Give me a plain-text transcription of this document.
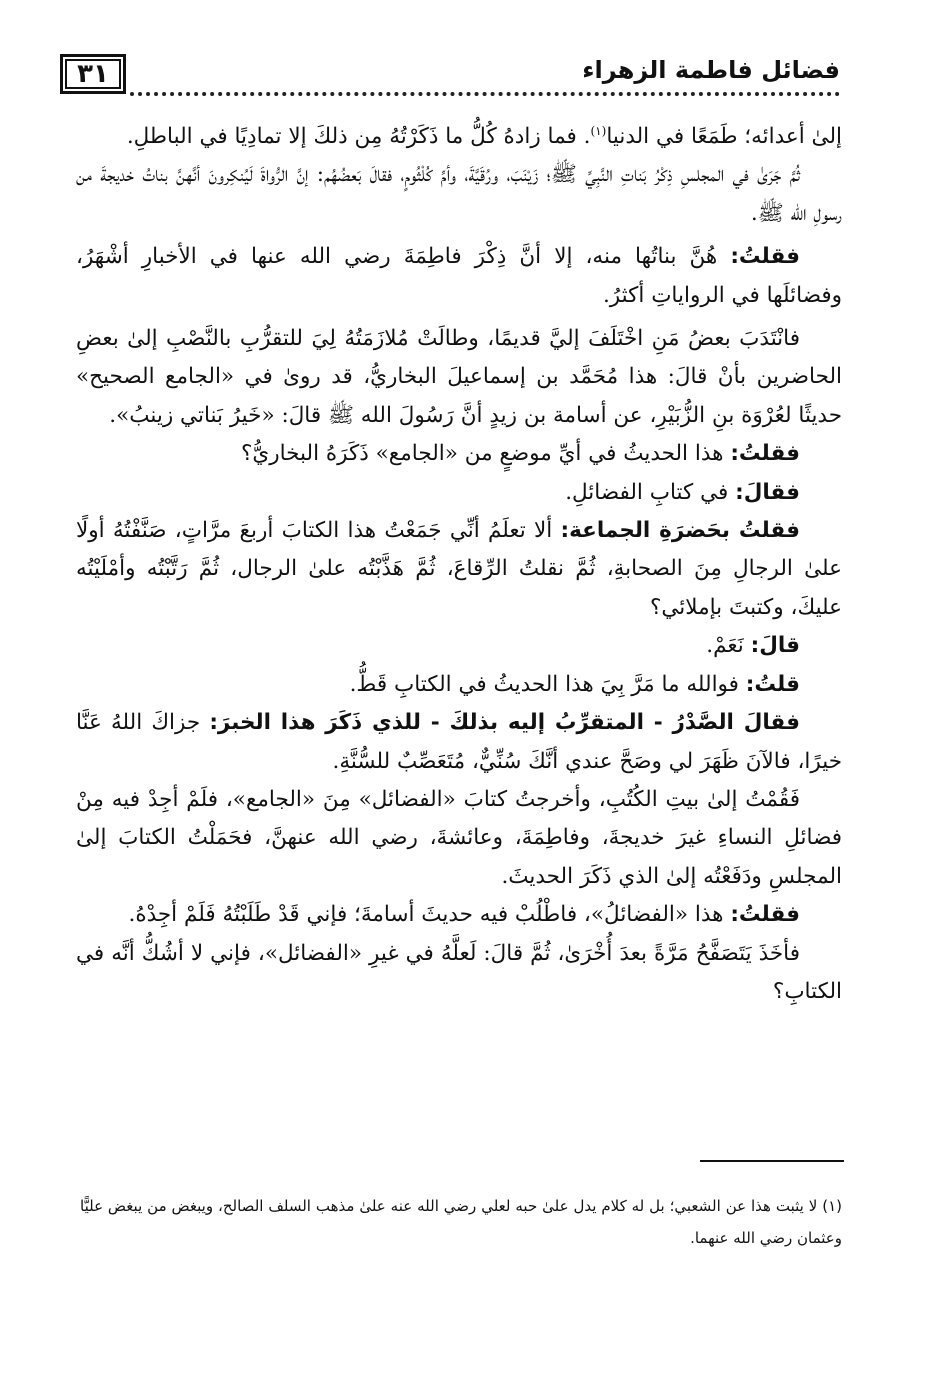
٣١	فضائل فاطمة الزهراء

إلىٰ أعدائه؛ طَمَعًا في الدنيا$^{(١)}$. فما زادهُ كُلُّ ما ذَكَرْتُهُ مِن ذلكَ إلا تمادِيًا في الباطلِ.

ثُمَّ جَرَىٰ في المجلسِ ذِكْرُ بَناتِ النَّبِيِّ ﷺ؛ زَيْنَبَ، ورُقَيَّةَ، وأمِّ كُلْثُومٍ، فقالَ بَعضُهُم: إنَّ الرُّواةَ لَيُنكِرونَ أنَّهنَّ بناتُ خديجةَ من رسولِ الله ﷺ.

فقلتُ: هُنَّ بناتُها منه، إلا أنَّ ذِكْرَ فاطِمَةَ رضي الله عنها في الأخبارِ أشْهَرُ، وفضائلَها في الرواياتِ أكثرُ.

فانْتَدَبَ بعضُ مَنِ اخْتَلَفَ إليَّ قديمًا، وطالَتْ مُلازَمَتُهُ لِيَ للتقرُّبِ بالنَّصْبِ إلىٰ بعضِ الحاضرين بأنْ قالَ: هذا مُحَمَّد بن إسماعيلَ البخاريُّ، قد روىٰ في «الجامع الصحيح» حديثًا لعُرْوَة بنِ الزُّبَيْرِ، عن أسامة بن زيدٍ أنَّ رَسُولَ الله ﷺ قالَ: «خَيرُ بَناتي زينبُ».

فقلتُ: هذا الحديثُ في أيِّ موضعٍ من «الجامع» ذَكَرَهُ البخاريُّ؟

فقالَ: في كتابِ الفضائلِ.

فقلتُ بحَضرَةِ الجماعة: ألا تعلَمُ أنِّي جَمَعْتُ هذا الكتابَ أربعَ مرَّاتٍ، صَنَّفْتُهُ أولًا علىٰ الرجالِ مِنَ الصحابةِ، ثُمَّ نقلتُ الرِّقاعَ، ثُمَّ هَذَّبْتُه علىٰ الرجال، ثُمَّ رَتَّبْتُه وأمْلَيْتُه عليكَ، وكتبتَ بإملائي؟

قالَ: نَعَمْ.

قلتُ: فوالله ما مَرَّ بِيَ هذا الحديثُ في الكتابِ قَطُّ.

فقالَ الصَّدْرُ - المتقرِّبُ إليه بذلكَ - للذي ذَكَرَ هذا الخبرَ: جزاكَ اللهُ عَنَّا خيرًا، فالآنَ ظَهَرَ لي وصَحَّ عندي أنَّكَ سُنِّيٌّ، مُتَعَصِّبٌ للسُّنَّةِ.

فَقُمْتُ إلىٰ بيتِ الكُتُبِ، وأخرجتُ كتابَ «الفضائل» مِنَ «الجامع»، فلَمْ أجِدْ فيه مِنْ فضائلِ النساءِ غيرَ خديجةَ، وفاطِمَةَ، وعائشةَ، رضي الله عنهنَّ، فحَمَلْتُ الكتابَ إلىٰ المجلسِ ودَفَعْتُه إلىٰ الذي ذَكَرَ الحديثَ.

فقلتُ: هذا «الفضائلُ»، فاطْلُبْ فيه حديثَ أسامةَ؛ فإني قَدْ طَلَبْتُهُ فَلَمْ أجِدْهُ.

فأخَذَ يَتَصَفَّحُ مَرَّةً بعدَ أُخْرَىٰ، ثُمَّ قالَ: لَعلَّهُ في غيرِ «الفضائل»، فإني لا أشُكُّ أنَّه في الكتابِ؟

(١) لا يثبت هذا عن الشعبي؛ بل له كلام يدل علىٰ حبه لعلي رضي الله عنه علىٰ مذهب السلف الصالح، ويبغض من يبغض عليًّا وعثمان رضي الله عنهما.
